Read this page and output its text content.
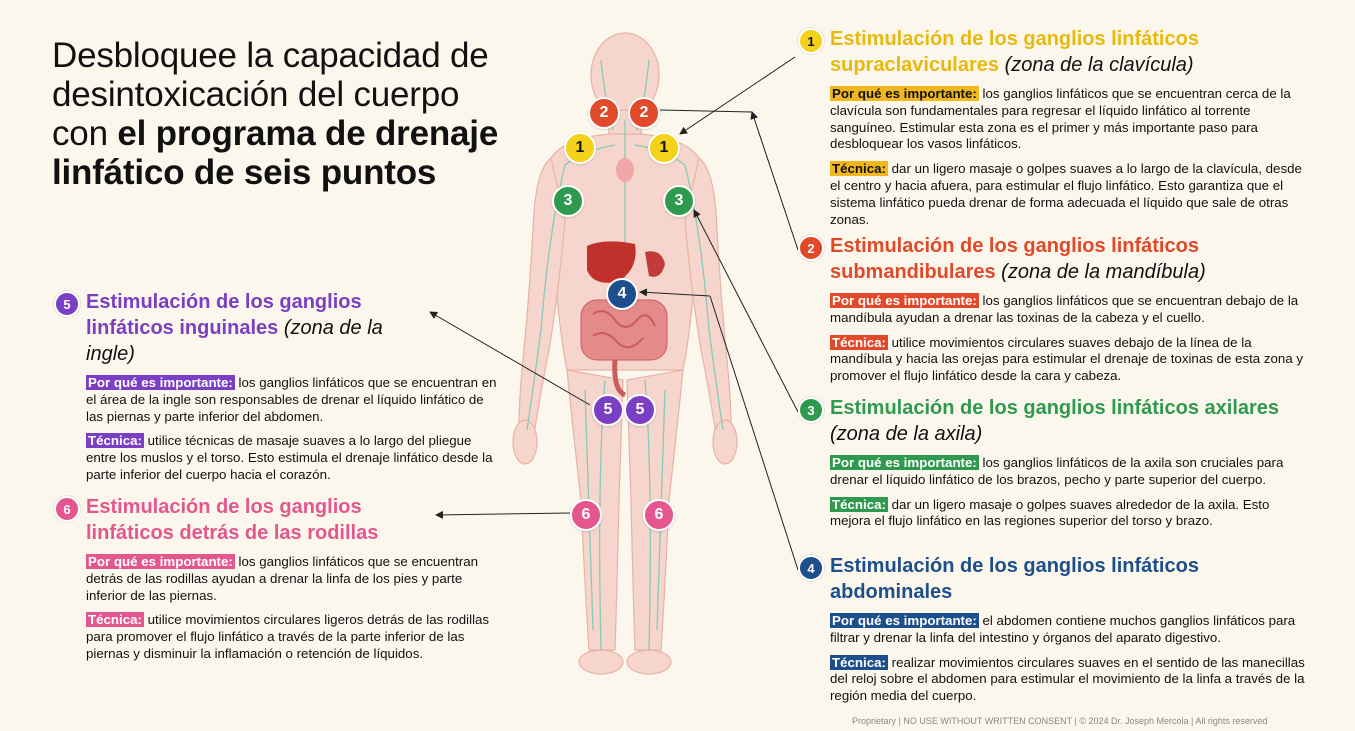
Desbloquee la capacidad de desintoxicación del cuerpo con el programa de drenaje linfático de seis puntos
2	2
1	1
3	3
4
5	5
6	6
1 Estimulación de los ganglios linfáticos supraclaviculares (zona de la clavícula)

Por qué es importante: los ganglios linfáticos que se encuentran cerca de la clavícula son fundamentales para regresar el líquido linfático al torrente sanguíneo. Estimular esta zona es el primer y más importante paso para desbloquear los vasos linfáticos.

Técnica: dar un ligero masaje o golpes suaves a lo largo de la clavícula, desde el centro y hacia afuera, para estimular el flujo linfático. Esto garantiza que el sistema linfático pueda drenar de forma adecuada el líquido que sale de otras zonas.

2 Estimulación de los ganglios linfáticos submandibulares (zona de la mandíbula)

Por qué es importante: los ganglios linfáticos que se encuentran debajo de la mandíbula ayudan a drenar las toxinas de la cabeza y el cuello.

Técnica: utilice movimientos circulares suaves debajo de la línea de la mandíbula y hacia las orejas para estimular el drenaje de toxinas de esta zona y promover el flujo linfático desde la cara y cabeza.

3 Estimulación de los ganglios linfáticos axilares (zona de la axila)

Por qué es importante: los ganglios linfáticos de la axila son cruciales para drenar el líquido linfático de los brazos, pecho y parte superior del cuerpo.

Técnica: dar un ligero masaje o golpes suaves alrededor de la axila. Esto mejora el flujo linfático en las regiones superior del torso y brazo.

4 Estimulación de los ganglios linfáticos abdominales

Por qué es importante: el abdomen contiene muchos ganglios linfáticos para filtrar y drenar la linfa del intestino y órganos del aparato digestivo.

Técnica: realizar movimientos circulares suaves en el sentido de las manecillas del reloj sobre el abdomen para estimular el movimiento de la linfa a través de la región media del cuerpo.

5 Estimulación de los ganglios linfáticos inguinales (zona de la ingle)

Por qué es importante: los ganglios linfáticos que se encuentran en el área de la ingle son responsables de drenar el líquido linfático de las piernas y parte inferior del abdomen.

Técnica: utilice técnicas de masaje suaves a lo largo del pliegue entre los muslos y el torso. Esto estimula el drenaje linfático desde la parte inferior del cuerpo hacia el corazón.

6 Estimulación de los ganglios linfáticos detrás de las rodillas

Por qué es importante: los ganglios linfáticos que se encuentran detrás de las rodillas ayudan a drenar la linfa de los pies y parte inferior de las piernas.

Técnica: utilice movimientos circulares ligeros detrás de las rodillas para promover el flujo linfático a través de la parte inferior de las piernas y disminuir la inflamación o retención de líquidos.

Proprietary | NO USE WITHOUT WRITTEN CONSENT | © 2024 Dr. Joseph Mercola | All rights reserved
